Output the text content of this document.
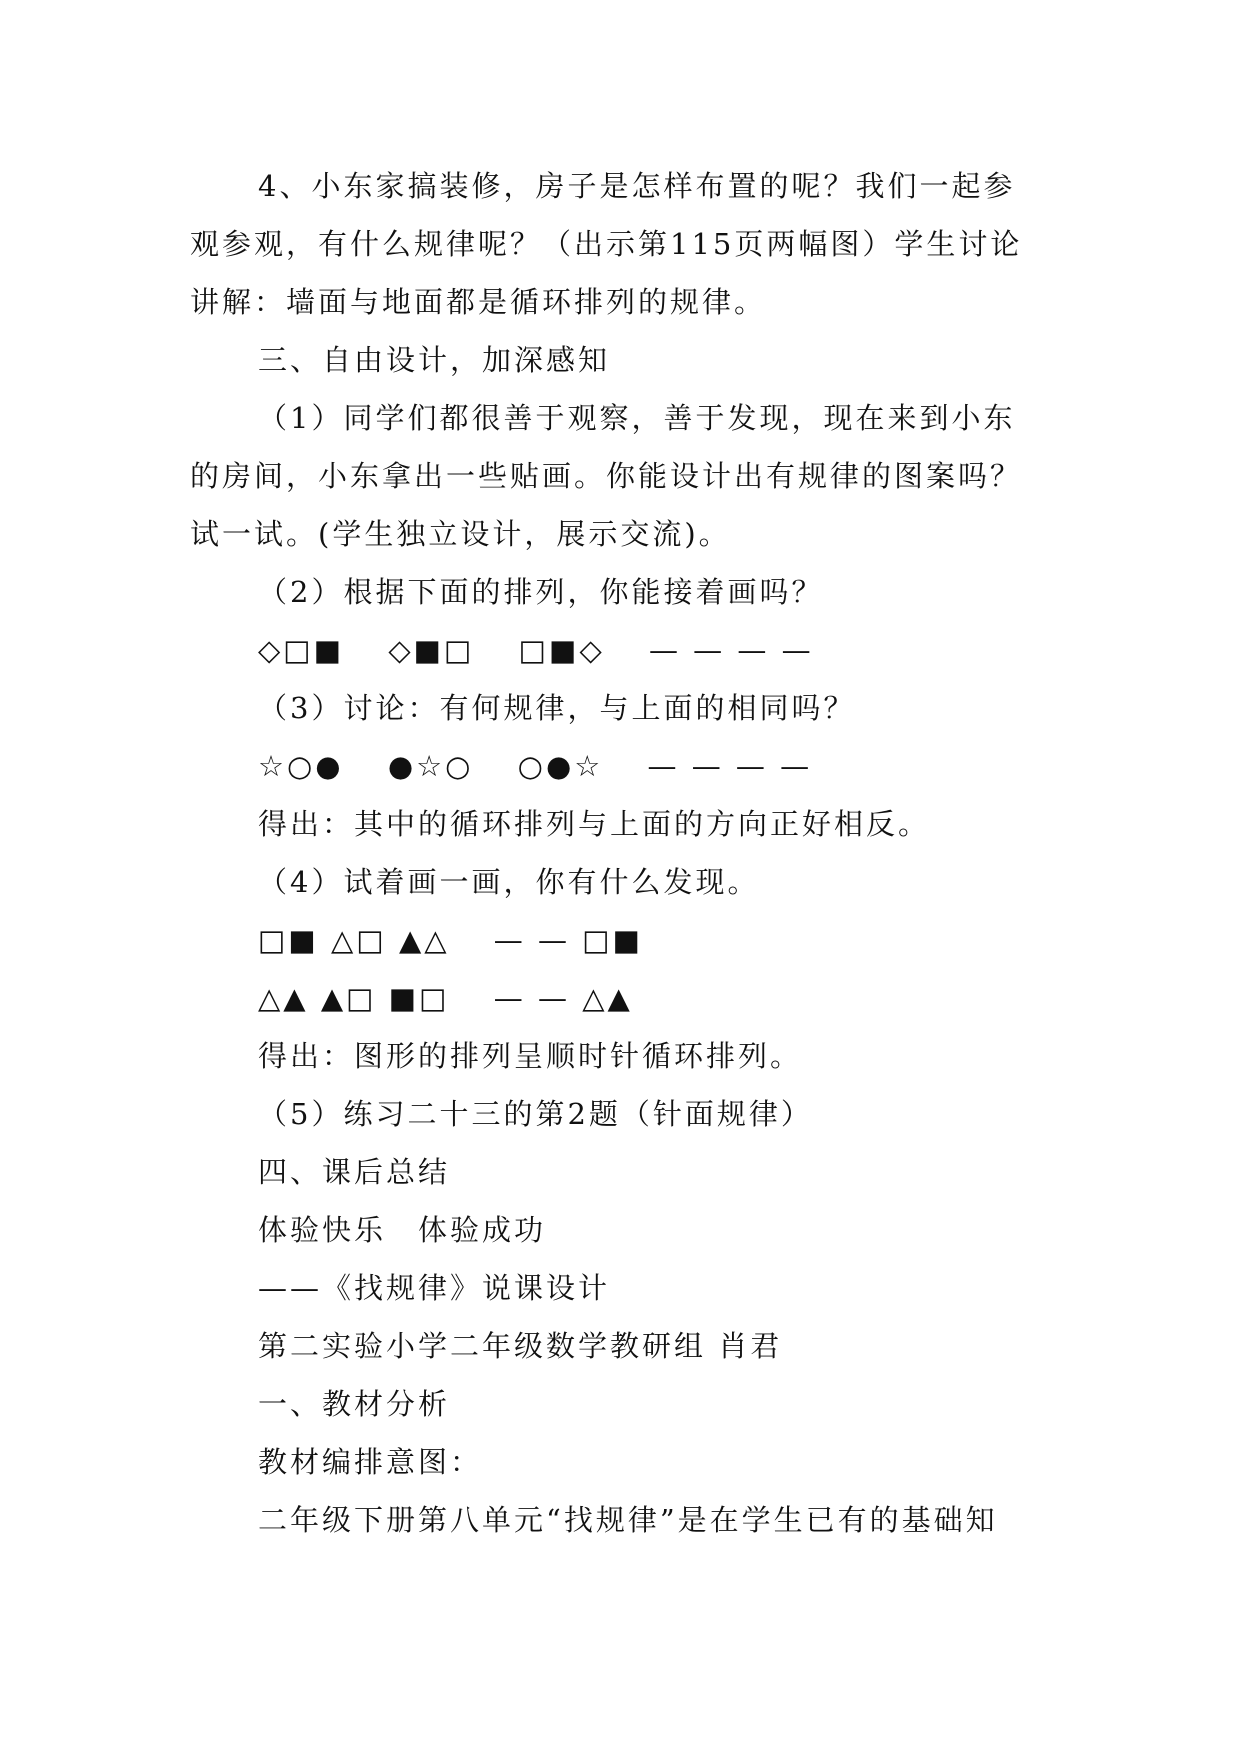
4、小东家搞装修，房子是怎样布置的呢？我们一起参
观参观，有什么规律呢？（出示第115页两幅图）学生讨论
讲解：墙面与地面都是循环排列的规律。
三、自由设计，加深感知
（1）同学们都很善于观察，善于发现，现在来到小东
的房间，小东拿出一些贴画。你能设计出有规律的图案吗？
试一试。(学生独立设计，展示交流)。
（2）根据下面的排列，你能接着画吗？
◇□■　 ◇■□　 □■◇　 — — — —
（3）讨论：有何规律，与上面的相同吗？
☆○●　 ●☆○　 ○●☆　 — — — —
得出：其中的循环排列与上面的方向正好相反。
（4）试着画一画，你有什么发现。
□■ △□ ▲△　 — — □■
△▲ ▲□ ■□　 — — △▲
得出：图形的排列呈顺时针循环排列。
（5）练习二十三的第2题（针面规律）
四、课后总结
体验快乐　体验成功
——《找规律》说课设计
第二实验小学二年级数学教研组 肖君
一、教材分析
教材编排意图：
二年级下册第八单元“找规律”是在学生已有的基础知
